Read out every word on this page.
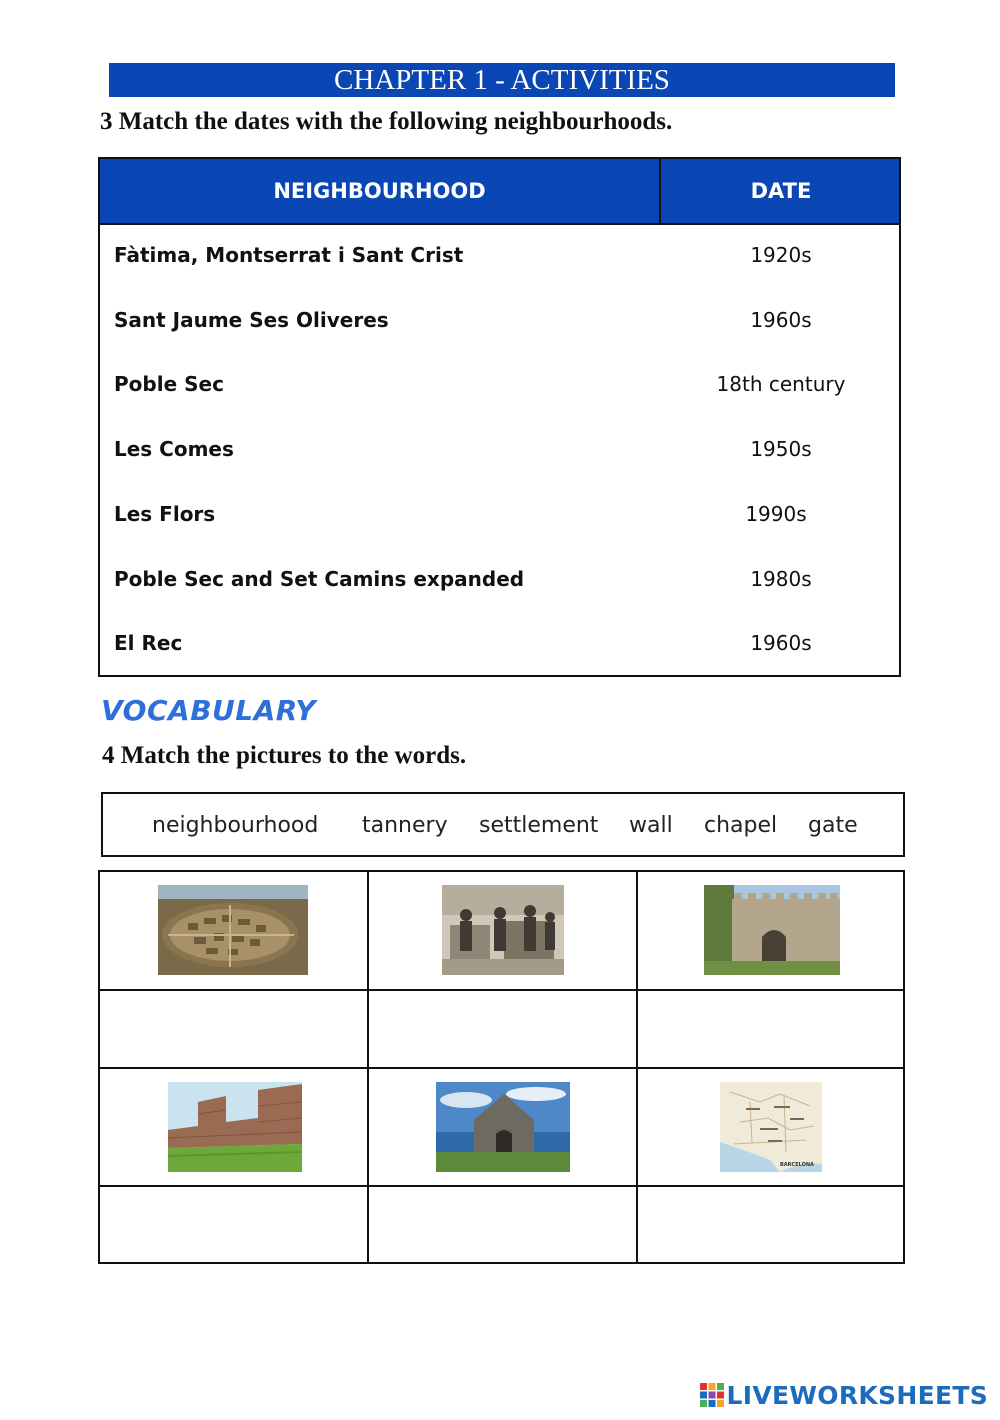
CHAPTER 1 - ACTIVITIES
3 Match the dates with the following neighbourhoods.
NEIGHBOURHOOD	DATE
Fàtima, Montserrat i Sant Crist	1920s
Sant Jaume Ses Oliveres	1960s
Poble Sec	18th century
Les Comes	1950s
Les Flors	1990s
Poble Sec and Set Camins expanded	1980s
El Rec	1960s
VOCABULARY
4 Match the pictures to the words.
neighbourhood tannery settlement wall chapel gate
BARCELONA
LIVEWORKSHEETS
